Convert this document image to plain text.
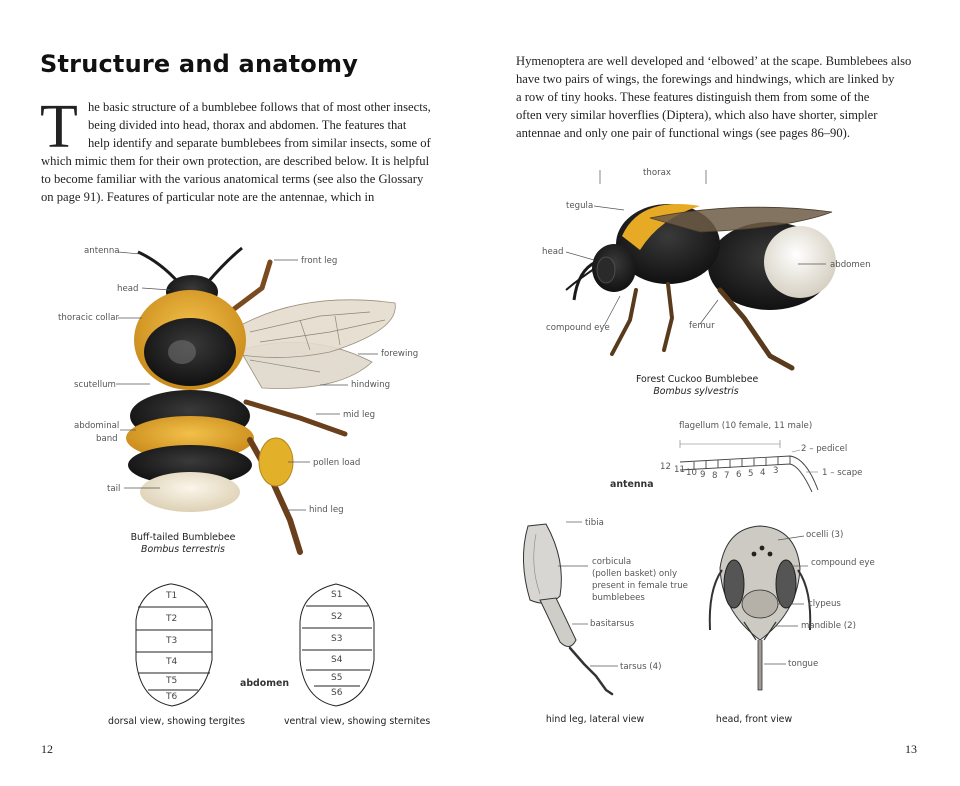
Structure and anatomy
T he basic structure of a bumblebee follows that of most other insects,
being divided into head, thorax and abdomen. The features that
help identify and separate bumblebees from similar insects, some of
which mimic them for their own protection, are described below. It is helpful
to become familiar with the various anatomical terms (see also the Glossary
on page 91). Features of particular note are the antennae, which in
Hymenoptera are well developed and ‘elbowed’ at the scape. Bumblebees also
have two pairs of wings, the forewings and hindwings, which are linked by
a row of tiny hooks. These features distinguish them from some of the
often very similar hoverflies (Diptera), which also have shorter, simpler
antennae and only one pair of functional wings (see pages 86–90).
antenna
head
thoracic collar
scutellum
abdominal
band
tail
front leg
forewing
hindwing
mid leg
pollen load
hind leg
Buff-tailed Bumblebee
Bombus terrestris
thorax
tegula
head
abdomen
compound eye	femur
Forest Cuckoo Bumblebee
Bombus sylvestris
flagellum (10 female, 11 male)
2 – pedicel
1 – scape
12 11 10 9 8 7 6 5 4 3
antenna
T1
T2
T3
T4
T5
T6
S1
S2
S3
S4
S5
S6
abdomen
dorsal view, showing tergites	ventral view, showing sternites
tibia
corbicula
(pollen basket) only
present in female true
bumblebees
basitarsus
tarsus (4)
hind leg, lateral view
ocelli (3)
compound eye
clypeus
mandible (2)
tongue
head, front view
12	13
